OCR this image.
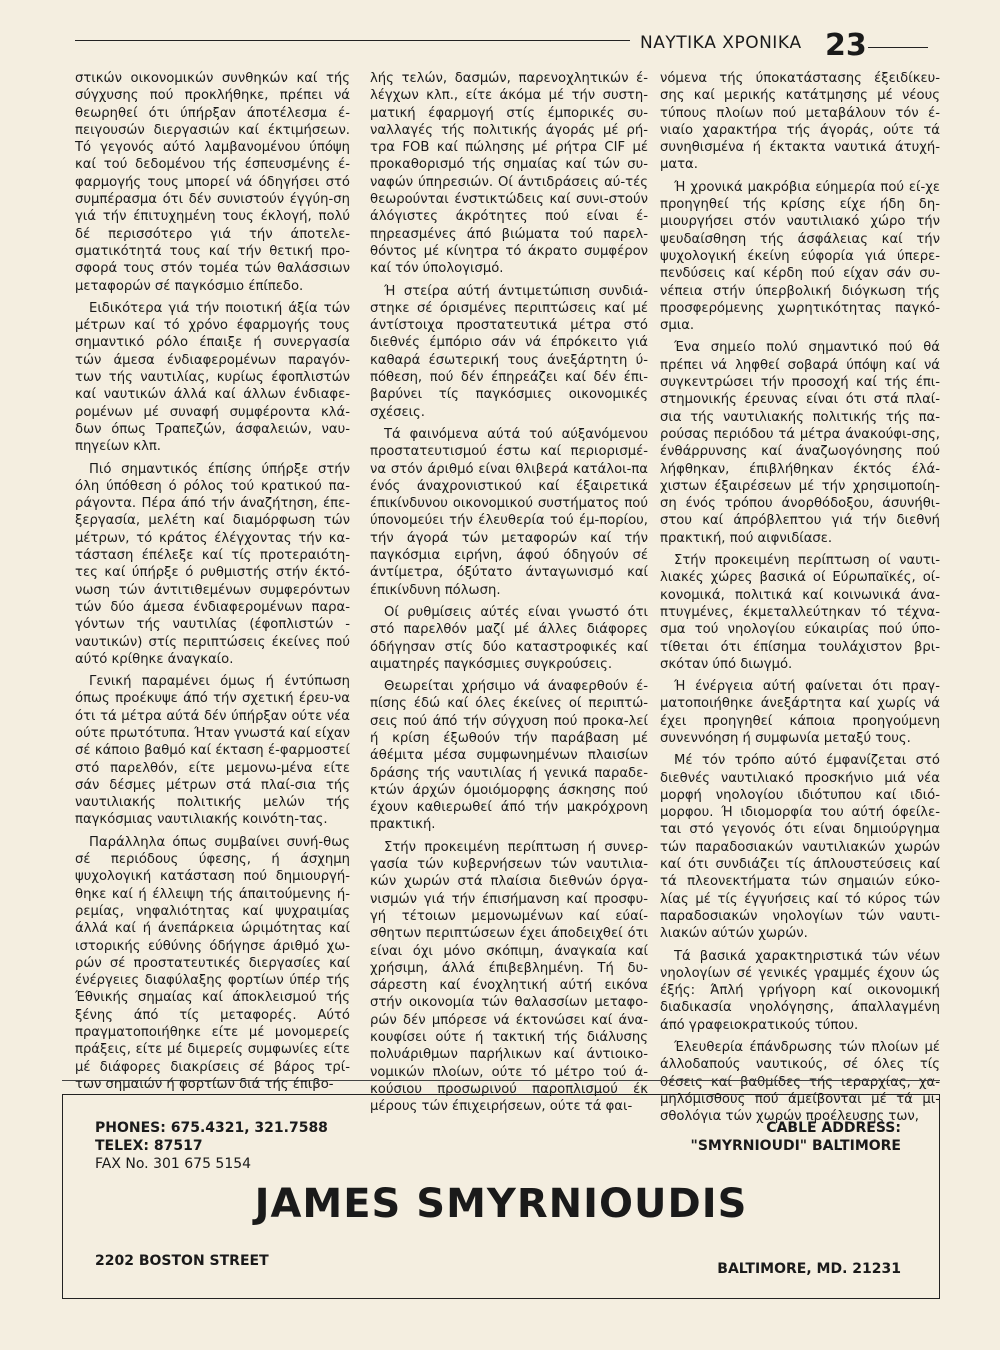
ΝΑΥΤΙΚΑ ΧΡΟΝΙΚΑ 23

στικών οικονομικών συνθηκών καί τής σύγχυσης πού προκλήθηκε, πρέπει νά θεωρηθεί ότι ύπήρξαν άποτέλεσμα έ-πειγουσών διεργασιών καί έκτιμήσεων. Τό γεγονός αύτό λαμβανομένου ύπόψη καί τού δεδομένου τής έσπευσμένης έ-φαρμογής τους μπορεί νά όδηγήσει στό συμπέρασμα ότι δέν συνιστούν έγγύη-ση γιά τήν έπιτυχημένη τους έκλογή, πολύ δέ περισσότερο γιά τήν άποτελε-σματικότητά τους καί τήν θετική προ-σφορά τους στόν τομέα τών θαλάσσιων μεταφορών σέ παγκόσμιο έπίπεδο.

Ειδικότερα γιά τήν ποιοτική άξία τών μέτρων καί τό χρόνο έφαρμογής τους σημαντικό ρόλο έπαιξε ή συνεργασία τών άμεσα ένδιαφερομένων παραγόν-των τής ναυτιλίας, κυρίως έφοπλιστών καί ναυτικών άλλά καί άλλων ένδιαφε-ρομένων μέ συναφή συμφέροντα κλά-δων όπως Τραπεζών, άσφαλειών, ναυ-πηγείων κλπ.

Πιό σημαντικός έπίσης ύπήρξε στήν όλη ύπόθεση ό ρόλος τού κρατικού πα-ράγοντα. Πέρα άπό τήν άναζήτηση, έπε-ξεργασία, μελέτη καί διαμόρφωση τών μέτρων, τό κράτος έλέγχοντας τήν κα-τάσταση έπέλεξε καί τίς προτεραιότη-τες καί ύπήρξε ό ρυθμιστής στήν έκτό-νωση τών άντιτιθεμένων συμφερόντων τών δύο άμεσα ένδιαφερομένων παρα-γόντων τής ναυτιλίας (έφοπλιστών - ναυτικών) στίς περιπτώσεις έκείνες πού αύτό κρίθηκε άναγκαίο.

Γενική παραμένει όμως ή έντύπωση όπως προέκυψε άπό τήν σχετική έρευ-να ότι τά μέτρα αύτά δέν ύπήρξαν ούτε νέα ούτε πρωτότυπα. Ήταν γνωστά καί είχαν σέ κάποιο βαθμό καί έκταση έ-φαρμοστεί στό παρελθόν, είτε μεμονω-μένα είτε σάν δέσμες μέτρων στά πλαί-σια τής ναυτιλιακής πολιτικής μελών τής παγκόσμιας ναυτιλιακής κοινότη-τας.

Παράλληλα όπως συμβαίνει συνή-θως σέ περιόδους ύφεσης, ή άσχημη ψυχολογική κατάσταση πού δημιουργή-θηκε καί ή έλλειψη τής άπαιτούμενης ή-ρεμίας, νηφαλιότητας καί ψυχραιμίας άλλά καί ή άνεπάρκεια ώριμότητας καί ιστορικής εύθύνης όδήγησε άριθμό χω-ρών σέ προστατευτικές διεργασίες καί ένέργειες διαφύλαξης φορτίων ύπέρ τής Έθνικής σημαίας καί άποκλεισμού τής ξένης άπό τίς μεταφορές. Αύτό πραγματοποιήθηκε είτε μέ μονομερείς πράξεις, είτε μέ διμερείς συμφωνίες είτε μέ διάφορες διακρίσεις σέ βάρος τρί-των σημαιών ή φορτίων διά τής έπιβο-

λής τελών, δασμών, παρενοχλητικών έ-λέγχων κλπ., είτε άκόμα μέ τήν συστη-ματική έφαρμογή στίς έμπορικές συ-ναλλαγές τής πολιτικής άγοράς μέ ρή-τρα FOB καί πώλησης μέ ρήτρα CIF μέ προκαθορισμό τής σημαίας καί τών συ-ναφών ύπηρεσιών. Οί άντιδράσεις αύ-τές θεωρούνται ένστικτώδεις καί συνι-στούν άλόγιστες άκρότητες πού είναι έ-πηρεασμένες άπό βιώματα τού παρελ-θόντος μέ κίνητρα τό άκρατο συμφέρον καί τόν ύπολογισμό.

Ή στείρα αύτή άντιμετώπιση συνδιά-στηκε σέ όρισμένες περιπτώσεις καί μέ άντίστοιχα προστατευτικά μέτρα στό διεθνές έμπόριο σάν νά έπρόκειτο γιά καθαρά έσωτερική τους άνεξάρτητη ύ-πόθεση, πού δέν έπηρεάζει καί δέν έπι-βαρύνει τίς παγκόσμιες οικονομικές σχέσεις.

Τά φαινόμενα αύτά τού αύξανόμενου προστατευτισμού έστω καί περιορισμέ-να στόν άριθμό είναι θλιβερά κατάλοι-πα ένός άναχρονιστικού καί έξαιρετικά έπικίνδυνου οικονομικού συστήματος πού ύπονομεύει τήν έλευθερία τού έμ-πορίου, τήν άγορά τών μεταφορών καί τήν παγκόσμια ειρήνη, άφού όδηγούν σέ άντίμετρα, όξύτατο άνταγωνισμό καί έπικίνδυνη πόλωση.

Οί ρυθμίσεις αύτές είναι γνωστό ότι στό παρελθόν μαζί μέ άλλες διάφορες όδήγησαν στίς δύο καταστροφικές καί αιματηρές παγκόσμιες συγκρούσεις.

Θεωρείται χρήσιμο νά άναφερθούν έ-πίσης έδώ καί όλες έκείνες οί περιπτώ-σεις πού άπό τήν σύγχυση πού προκα-λεί ή κρίση έξωθούν τήν παράβαση μέ άθέμιτα μέσα συμφωνημένων πλαισίων δράσης τής ναυτιλίας ή γενικά παραδε-κτών άρχών όμοιόμορφης άσκησης πού έχουν καθιερωθεί άπό τήν μακρόχρονη πρακτική.

Στήν προκειμένη περίπτωση ή συνερ-γασία τών κυβερνήσεων τών ναυτιλια-κών χωρών στά πλαίσια διεθνών όργα-νισμών γιά τήν έπισήμανση καί προσφυ-γή τέτοιων μεμονωμένων καί εύαί-σθητων περιπτώσεων έχει άποδειχθεί ότι είναι όχι μόνο σκόπιμη, άναγκαία καί χρήσιμη, άλλά έπιβεβλημένη. Τή δυ-σάρεστη καί ένοχλητική αύτή εικόνα στήν οικονομία τών θαλασσίων μεταφο-ρών δέν μπόρεσε νά έκτονώσει καί άνα-κουφίσει ούτε ή τακτική τής διάλυσης πολυάριθμων παρήλικων καί άντιοικο-νομικών πλοίων, ούτε τό μέτρο τού ά-κούσιου προσωρινού παροπλισμού έκ μέρους τών έπιχειρήσεων, ούτε τά φαι-

νόμενα τής ύποκατάστασης έξειδίκευ-σης καί μερικής κατάτμησης μέ νέους τύπους πλοίων πού μεταβάλουν τόν έ-νιαίο χαρακτήρα τής άγοράς, ούτε τά συνηθισμένα ή έκτακτα ναυτικά άτυχή-ματα.

Ή χρονικά μακρόβια εύημερία πού εί-χε προηγηθεί τής κρίσης είχε ήδη δη-μιουργήσει στόν ναυτιλιακό χώρο τήν ψευδαίσθηση τής άσφάλειας καί τήν ψυχολογική έκείνη εύφορία γιά ύπερε-πενδύσεις καί κέρδη πού είχαν σάν συ-νέπεια στήν ύπερβολική διόγκωση τής προσφερόμενης χωρητικότητας παγκό-σμια.

Ένα σημείο πολύ σημαντικό πού θά πρέπει νά ληφθεί σοβαρά ύπόψη καί νά συγκεντρώσει τήν προσοχή καί τής έπι-στημονικής έρευνας είναι ότι στά πλαί-σια τής ναυτιλιακής πολιτικής τής πα-ρούσας περιόδου τά μέτρα άνακούφι-σης, ένθάρρυνσης καί άναζωογόνησης πού λήφθηκαν, έπιβλήθηκαν έκτός έλά-χιστων έξαιρέσεων μέ τήν χρησιμοποίη-ση ένός τρόπου άνορθόδοξου, άσυνήθι-στου καί άπρόβλεπτου γιά τήν διεθνή πρακτική, πού αιφνιδίασε.

Στήν προκειμένη περίπτωση οί ναυτι-λιακές χώρες βασικά οί Εύρωπαϊκές, οί-κονομικά, πολιτικά καί κοινωνικά άνα-πτυγμένες, έκμεταλλεύτηκαν τό τέχνα-σμα τού νηολογίου εύκαιρίας πού ύπο-τίθεται ότι έπίσημα τουλάχιστον βρι-σκόταν ύπό διωγμό.

Ή ένέργεια αύτή φαίνεται ότι πραγ-ματοποιήθηκε άνεξάρτητα καί χωρίς νά έχει προηγηθεί κάποια προηγούμενη συνεννόηση ή συμφωνία μεταξύ τους.

Μέ τόν τρόπο αύτό έμφανίζεται στό διεθνές ναυτιλιακό προσκήνιο μιά νέα μορφή νηολογίου ιδιότυπου καί ιδιό-μορφου. Ή ιδιομορφία του αύτή όφείλε-ται στό γεγονός ότι είναι δημιούργημα τών παραδοσιακών ναυτιλιακών χωρών καί ότι συνδιάζει τίς άπλουστεύσεις καί τά πλεονεκτήματα τών σημαιών εύκο-λίας μέ τίς έγγυήσεις καί τό κύρος τών παραδοσιακών νηολογίων τών ναυτι-λιακών αύτών χωρών.

Τά βασικά χαρακτηριστικά τών νέων νηολογίων σέ γενικές γραμμές έχουν ώς έξής: Άπλή γρήγορη καί οικονομική διαδικασία νηολόγησης, άπαλλαγμένη άπό γραφειοκρατικούς τύπου.

Έλευθερία έπάνδρωσης τών πλοίων μέ άλλοδαπούς ναυτικούς, σέ όλες τίς θέσεις καί βαθμίδες τής ιεραρχίας, χα-μηλόμισθους πού άμείβονται μέ τά μι-σθολόγια τών χωρών προέλευσης των,

PHONES: 675.4321, 321.7588
TELEX: 87517
FAX No. 301 675 5154
CABLE ADDRESS:
"SMYRNIOUDI" BALTIMORE
JAMES SMYRNIOUDIS
2202 BOSTON STREET	BALTIMORE, MD. 21231
